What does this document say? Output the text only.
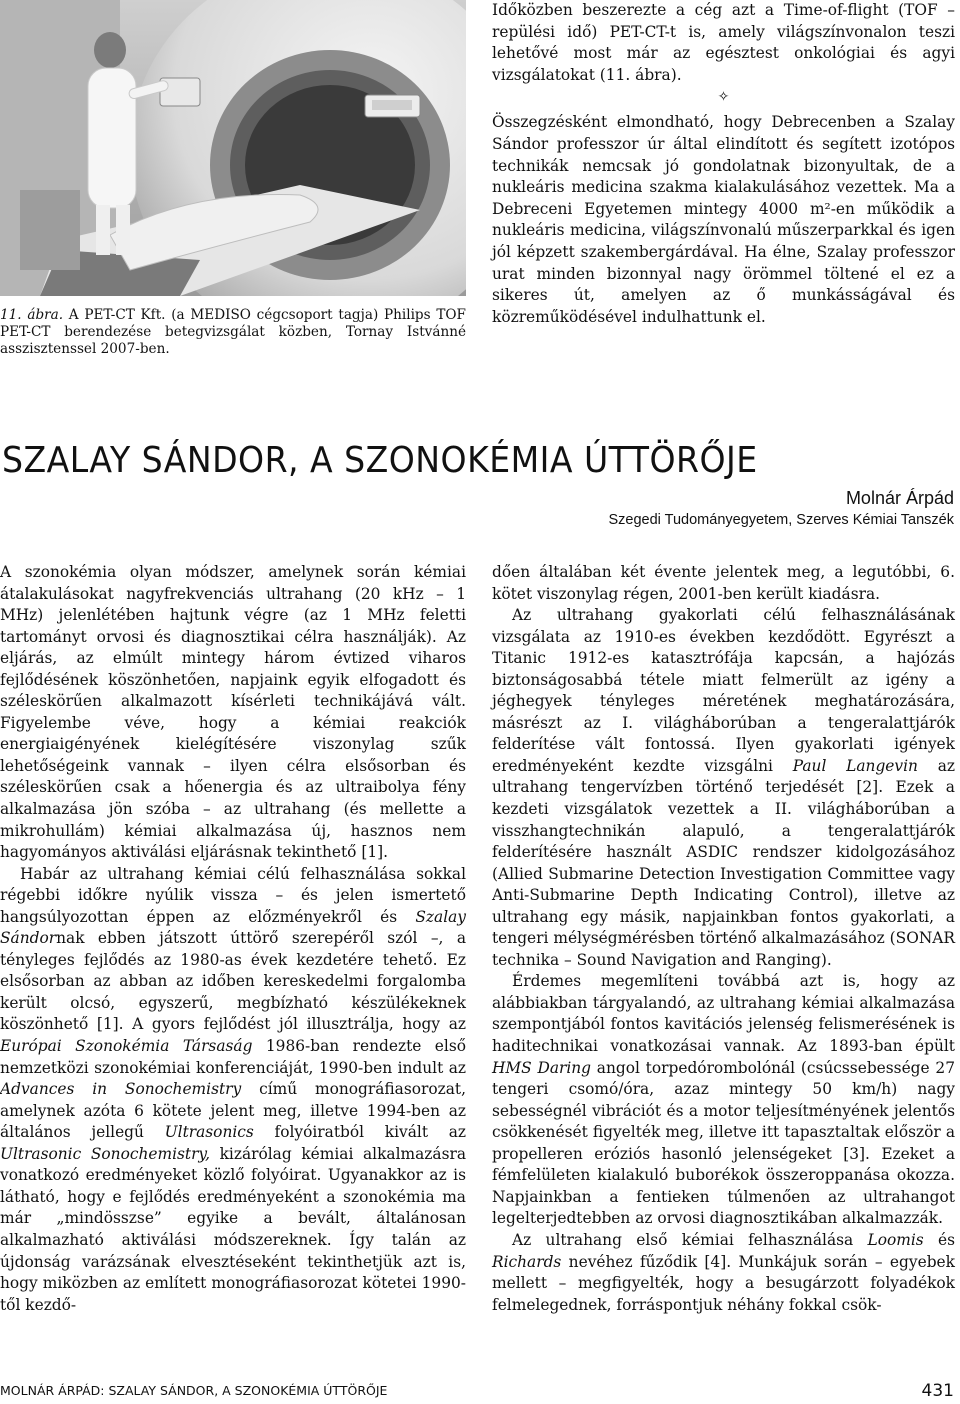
11. ábra. A PET-CT Kft. (a MEDISO cégcsoport tagja) Philips TOF PET-CT berendezése betegvizsgálat közben, Tornay Istvánné asszisztenssel 2007-ben.

Időközben beszerezte a cég azt a Time-of-flight (TOF – repülési idő) PET-CT-t is, amely világszínvonalon teszi lehetővé most már az egésztest onkológiai és agyi vizsgálatokat (11. ábra).

✧

Összegzésként elmondható, hogy Debrecenben a Szalay Sándor professzor úr által elindított és segített izotópos technikák nemcsak jó gondolatnak bizonyultak, de a nukleáris medicina szakma kialakulásához vezettek. Ma a Debreceni Egyetemen mintegy 4000 m²-en működik a nukleáris medicina, világszínvonalú műszerparkkal és igen jól képzett szakembergárdával. Ha élne, Szalay professzor urat minden bizonnyal nagy örömmel töltené el ez a sikeres út, amelyen az ő munkásságával és közreműködésével indulhattunk el.

SZALAY SÁNDOR, A SZONOKÉMIA ÚTTÖRŐJE

Molnár Árpád

Szegedi Tudományegyetem, Szerves Kémiai Tanszék

A szonokémia olyan módszer, amelynek során kémiai átalakulásokat nagyfrekvenciás ultrahang (20 kHz – 1 MHz) jelenlétében hajtunk végre (az 1 MHz feletti tartományt orvosi és diagnosztikai célra használják). Az eljárás, az elmúlt mintegy három évtized viharos fejlődésének köszönhetően, napjaink egyik elfogadott és széleskörűen alkalmazott kísérleti technikájává vált. Figyelembe véve, hogy a kémiai reakciók energiaigényének kielégítésére viszonylag szűk lehetőségeink vannak – ilyen célra elsősorban és széleskörűen csak a hőenergia és az ultraibolya fény alkalmazása jön szóba – az ultrahang (és mellette a mikrohullám) kémiai alkalmazása új, hasznos nem hagyományos aktiválási eljárásnak tekinthető [1].

Habár az ultrahang kémiai célú felhasználása sokkal régebbi időkre nyúlik vissza – és jelen ismertető hangsúlyozottan éppen az előzményekről és Szalay Sándornak ebben játszott úttörő szerepéről szól –, a tényleges fejlődés az 1980-as évek kezdetére tehető. Ez elsősorban az abban az időben kereskedelmi forgalomba került olcsó, egyszerű, megbízható készülékeknek köszönhető [1]. A gyors fejlődést jól illusztrálja, hogy az Európai Szonokémia Társaság 1986-ban rendezte első nemzetközi szonokémiai konferenciáját, 1990-ben indult az Advances in Sonochemistry című monográfiasorozat, amelynek azóta 6 kötete jelent meg, illetve 1994-ben az általános jellegű Ultrasonics folyóiratból kivált az Ultrasonic Sonochemistry, kizárólag kémiai alkalmazásra vonatkozó eredményeket közlő folyóirat. Ugyanakkor az is látható, hogy e fejlődés eredményeként a szonokémia ma már „mindösszse” egyike a bevált, általánosan alkalmazható aktiválási módszereknek. Így talán az újdonság varázsának elvesztéseként tekinthetjük azt is, hogy miközben az említett monográfiasorozat kötetei 1990-től kezdő-

dően általában két évente jelentek meg, a legutóbbi, 6. kötet viszonylag régen, 2001-ben került kiadásra.

Az ultrahang gyakorlati célú felhasználásának vizsgálata az 1910-es években kezdődött. Egyrészt a Titanic 1912-es katasztrófája kapcsán, a hajózás biztonságosabbá tétele miatt felmerült az igény a jéghegyek tényleges méretének meghatározására, másrészt az I. világháborúban a tengeralattjárók felderítése vált fontossá. Ilyen gyakorlati igények eredményeként kezdte vizsgálni Paul Langevin az ultrahang tengervízben történő terjedését [2]. Ezek a kezdeti vizsgálatok vezettek a II. világháborúban a visszhangtechnikán alapuló, a tengeralattjárók felderítésére használt ASDIC rendszer kidolgozásához (Allied Submarine Detection Investigation Committee vagy Anti-Submarine Depth Indicating Control), illetve az ultrahang egy másik, napjainkban fontos gyakorlati, a tengeri mélységmérésben történő alkalmazásához (SONAR technika – Sound Navigation and Ranging).

Érdemes megemlíteni továbbá azt is, hogy az alábbiakban tárgyalandó, az ultrahang kémiai alkalmazása szempontjából fontos kavitációs jelenség felismerésének is haditechnikai vonatkozásai vannak. Az 1893-ban épült HMS Daring angol torpedórombolónál (csúcssebessége 27 tengeri csomó/óra, azaz mintegy 50 km/h) nagy sebességnél vibrációt és a motor teljesítményének jelentős csökkenését figyelték meg, illetve itt tapasztaltak először a propelleren eróziós hasonló jelenségeket [3]. Ezeket a fémfelületen kialakuló buborékok összeroppanása okozza. Napjainkban a fentieken túlmenően az ultrahangot legelterjedtebben az orvosi diagnosztikában alkalmazzák.

Az ultrahang első kémiai felhasználása Loomis és Richards nevéhez fűződik [4]. Munkájuk során – egyebek mellett – megfigyelték, hogy a besugárzott folyadékok felmelegednek, forráspontjuk néhány fokkal csök-

MOLNÁR ÁRPÁD: SZALAY SÁNDOR, A SZONOKÉMIA ÚTTÖRŐJE	431
